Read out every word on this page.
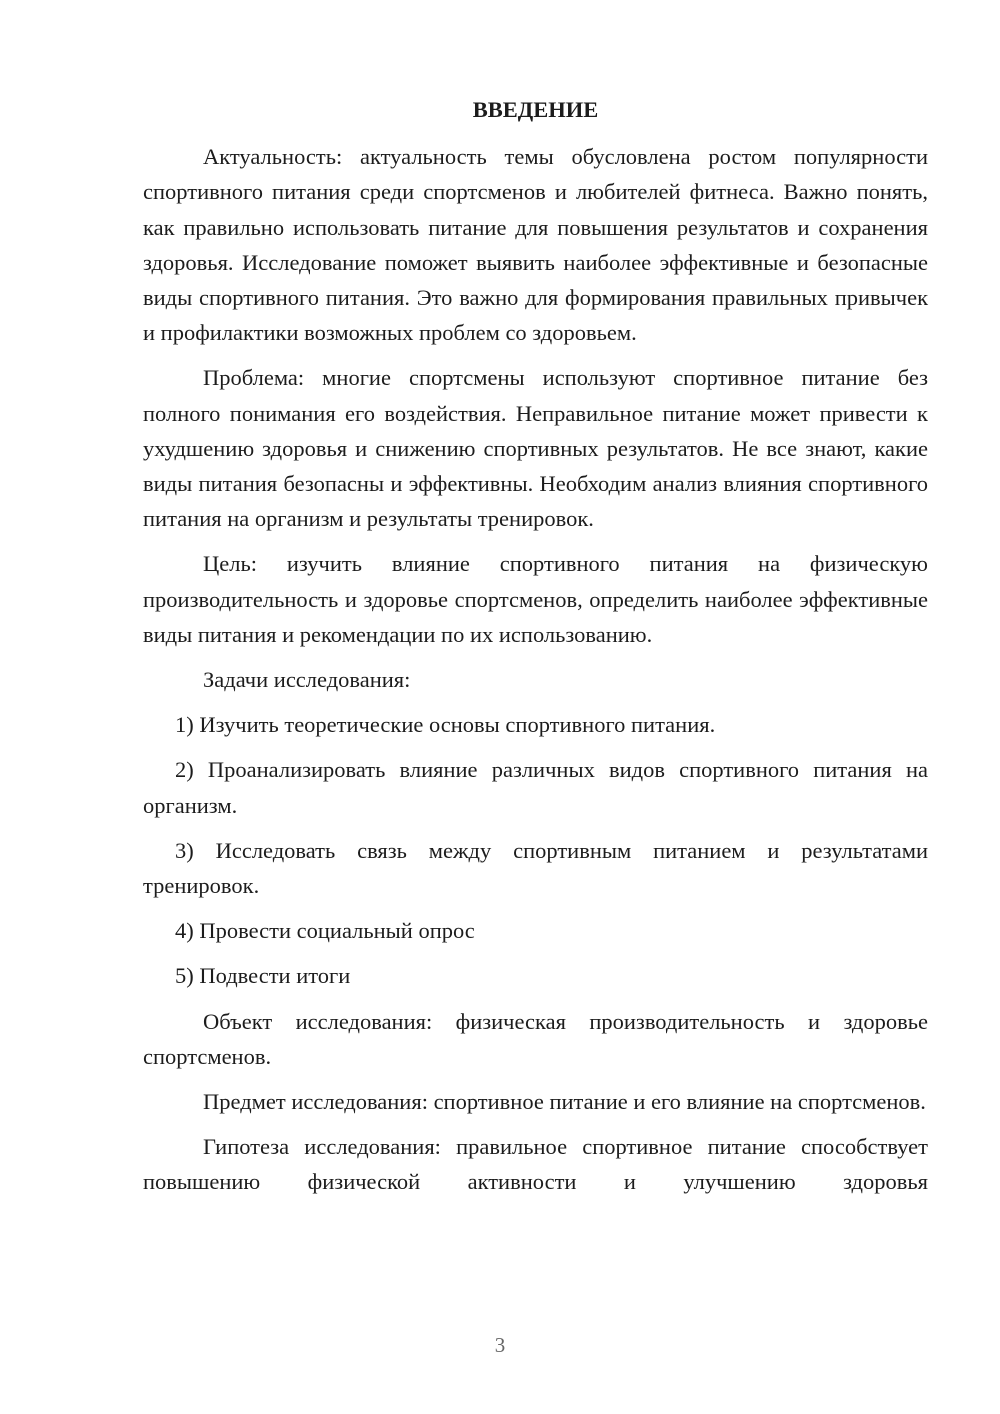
ВВЕДЕНИЕ

Актуальность: актуальность темы обусловлена ростом популярности спортивного питания среди спортсменов и любителей фитнеса. Важно понять, как правильно использовать питание для повышения результатов и сохранения здоровья. Исследование поможет выявить наиболее эффективные и безопасные виды спортивного питания. Это важно для формирования правильных привычек и профилактики возможных проблем со здоровьем.

Проблема: многие спортсмены используют спортивное питание без полного понимания его воздействия. Неправильное питание может привести к ухудшению здоровья и снижению спортивных результатов. Не все знают, какие виды питания безопасны и эффективны. Необходим анализ влияния спортивного питания на организм и результаты тренировок.

Цель: изучить влияние спортивного питания на физическую производительность и здоровье спортсменов, определить наиболее эффективные виды питания и рекомендации по их использованию.

Задачи исследования:

1) Изучить теоретические основы спортивного питания.

2) Проанализировать влияние различных видов спортивного питания на организм.

3) Исследовать связь между спортивным питанием и результатами тренировок.

4) Провести социальный опрос

5) Подвести итоги

Объект исследования: физическая производительность и здоровье спортсменов.

Предмет исследования: спортивное питание и его влияние на спортсменов.

Гипотеза исследования: правильное спортивное питание способствует повышению физической активности и улучшению здоровья

3
